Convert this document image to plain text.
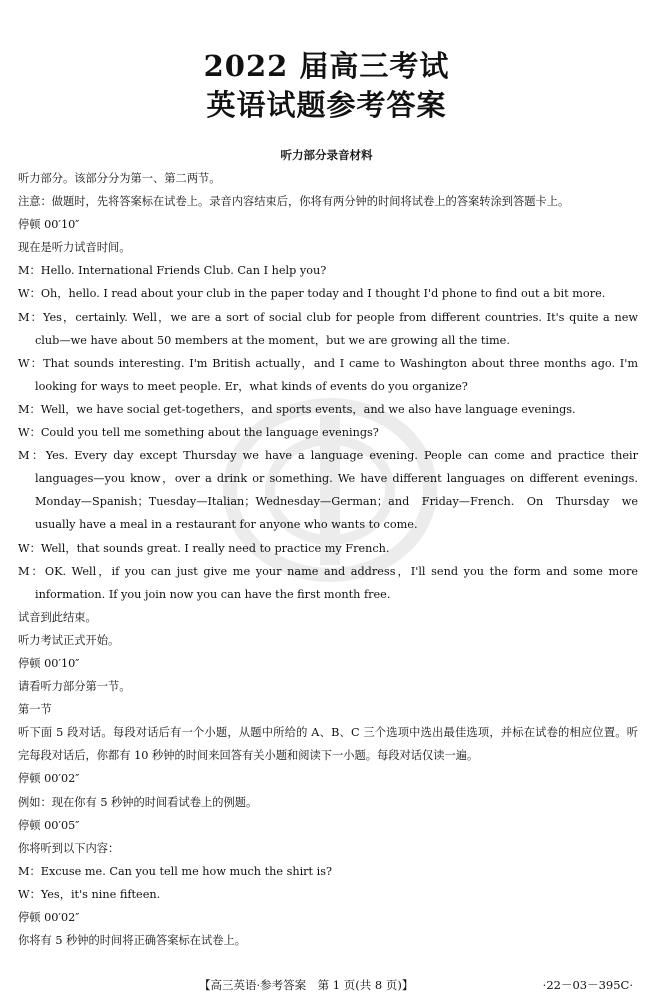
2022 届高三考试
英语试题参考答案
听力部分录音材料

听力部分。该部分分为第一、第二两节。

注意：做题时，先将答案标在试卷上。录音内容结束后，你将有两分钟的时间将试卷上的答案转涂到答题卡上。

停顿 00′10″

现在是听力试音时间。

M：Hello. International Friends Club. Can I help you?

W：Oh，hello. I read about your club in the paper today and I thought I'd phone to find out a bit more.

M：Yes，certainly. Well，we are a sort of social club for people from different countries. It's quite a new club—we have about 50 members at the moment，but we are growing all the time.

W：That sounds interesting. I'm British actually，and I came to Washington about three months ago. I'm looking for ways to meet people. Er，what kinds of events do you organize?

M：Well，we have social get-togethers，and sports events，and we also have language evenings.

W：Could you tell me something about the language evenings?

M：Yes. Every day except Thursday we have a language evening. People can come and practice their languages—you know，over a drink or something. We have different languages on different evenings. Monday—Spanish；Tuesday—Italian；Wednesday—German；and Friday—French. On Thursday we usually have a meal in a restaurant for anyone who wants to come.

W：Well，that sounds great. I really need to practice my French.

M：OK. Well，if you can just give me your name and address，I'll send you the form and some more information. If you join now you can have the first month free.

试音到此结束。

听力考试正式开始。

停顿 00′10″

请看听力部分第一节。

第一节

听下面 5 段对话。每段对话后有一个小题，从题中所给的 A、B、C 三个选项中选出最佳选项，并标在试卷的相应位置。听完每段对话后，你都有 10 秒钟的时间来回答有关小题和阅读下一小题。每段对话仅读一遍。

停顿 00′02″

例如：现在你有 5 秒钟的时间看试卷上的例题。

停顿 00′05″

你将听到以下内容：

M：Excuse me. Can you tell me how much the shirt is?

W：Yes，it's nine fifteen.

停顿 00′02″

你将有 5 秒钟的时间将正确答案标在试卷上。

【高三英语·参考答案　第 1 页(共 8 页)】	·22－03－395C·
